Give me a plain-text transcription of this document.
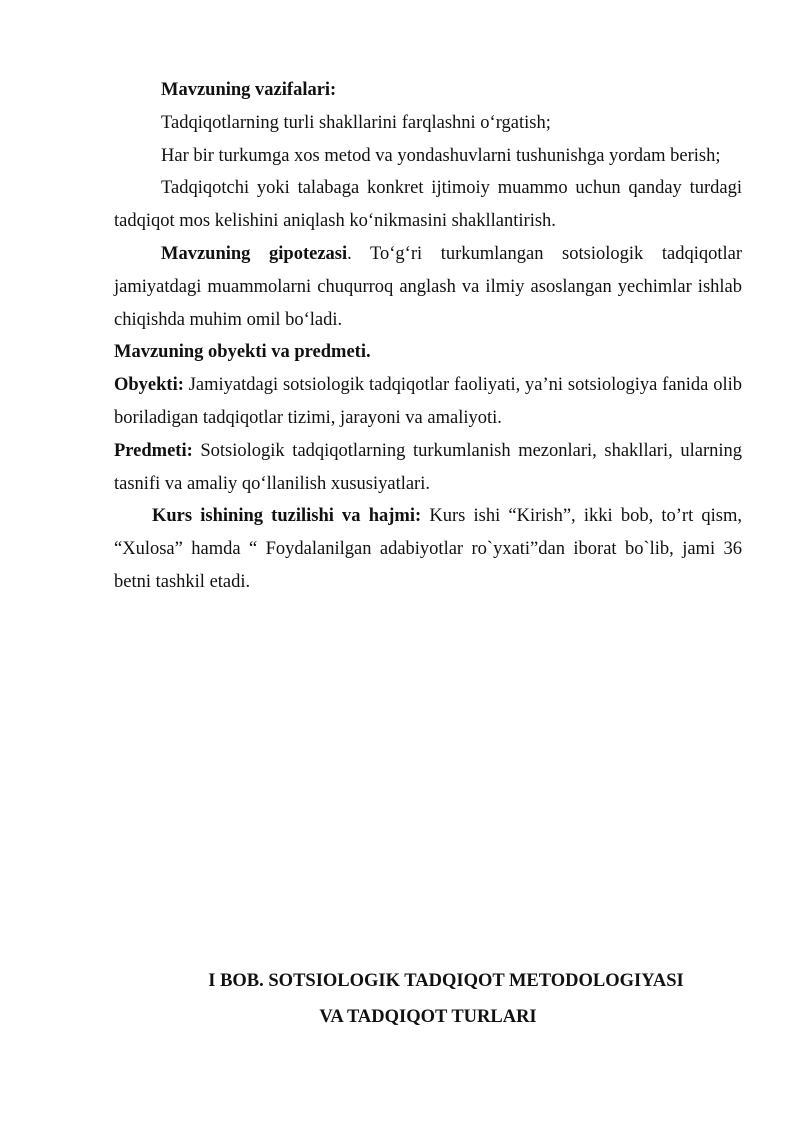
Mavzuning vazifalari:

Tadqiqotlarning turli shakllarini farqlashni o‘rgatish;

Har bir turkumga xos metod va yondashuvlarni tushunishga yordam berish;

Tadqiqotchi yoki talabaga konkret ijtimoiy muammo uchun qanday turdagi tadqiqot mos kelishini aniqlash ko‘nikmasini shakllantirish.

Mavzuning gipotezasi. To‘g‘ri turkumlangan sotsiologik tadqiqotlar jamiyatdagi muammolarni chuqurroq anglash va ilmiy asoslangan yechimlar ishlab chiqishda muhim omil bo‘ladi.

Mavzuning obyekti va predmeti.

Obyekti: Jamiyatdagi sotsiologik tadqiqotlar faoliyati, ya’ni sotsiologiya fanida olib boriladigan tadqiqotlar tizimi, jarayoni va amaliyoti.

Predmeti: Sotsiologik tadqiqotlarning turkumlanish mezonlari, shakllari, ularning tasnifi va amaliy qo‘llanilish xususiyatlari.

Kurs ishining tuzilishi va hajmi: Kurs ishi “Kirish”, ikki bob, to’rt qism, “Xulosa” hamda “ Foydalanilgan adabiyotlar ro`yxati”dan iborat bo`lib, jami 36 betni tashkil etadi.

I BOB. SOTSIOLOGIK TADQIQOT METODOLOGIYASI
VA TADQIQOT TURLARI
